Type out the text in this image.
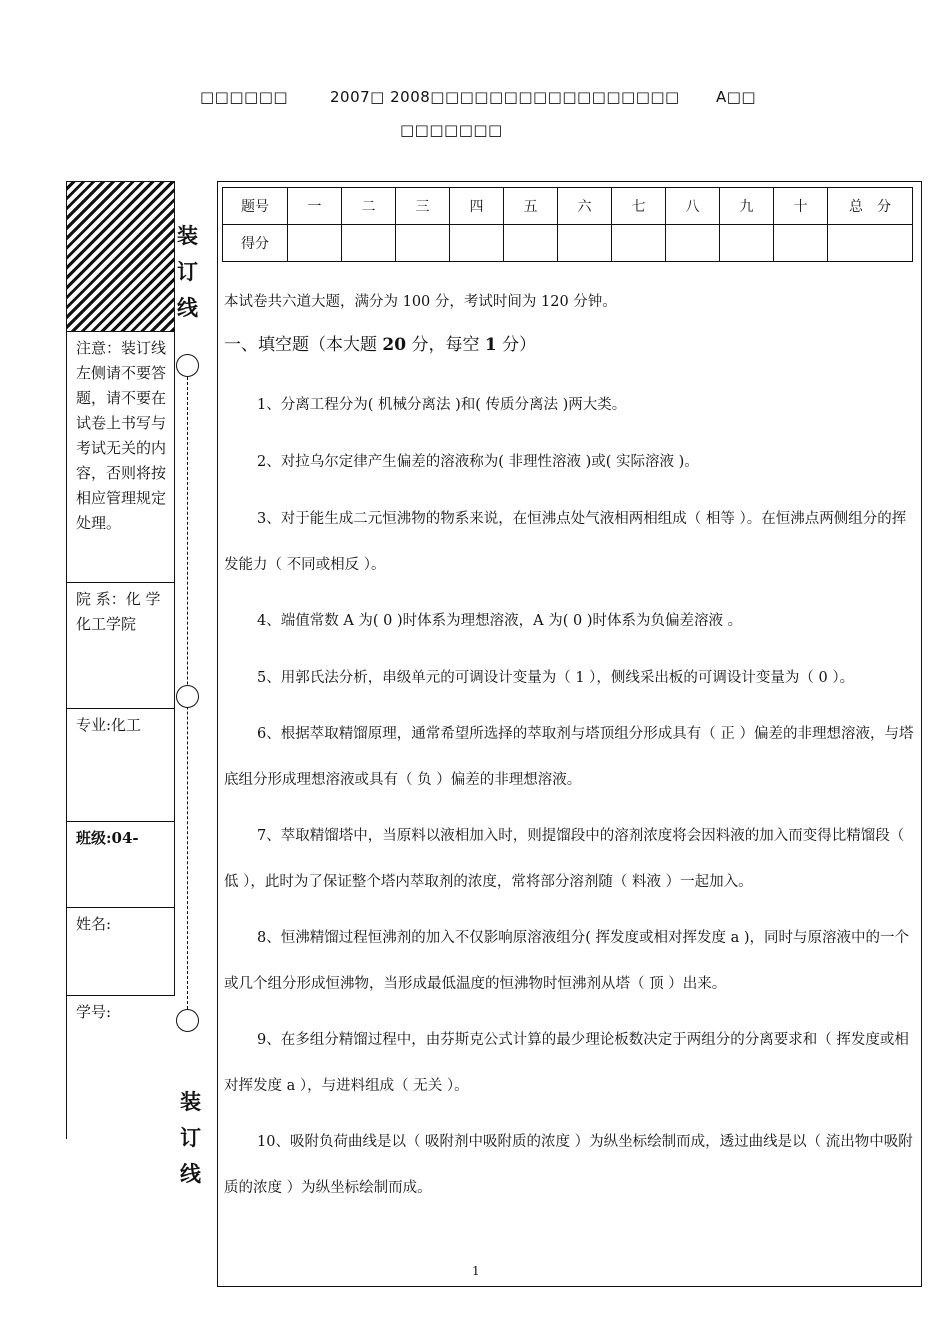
□□□□□□	2007□ 2008□□□□□□□□□□□□□□□□□ A□□
□□□□□□□
注意：装订线左侧请不要答题，请不要在试卷上书写与考试无关的内容，否则将按相应管理规定处理。
院 系：化 学化工学院
专业:化工
班级:04-
姓名:
学号:
装
订
线
装
订
线
题号	一	二	三	四	五	六	七	八	九	十	总　分
得分											
本试卷共六道大题，满分为 100 分，考试时间为 120 分钟。
一、填空题（本大题 20 分，每空 1 分）
1、分离工程分为( 机械分离法 )和( 传质分离法 )两大类。
2、对拉乌尔定律产生偏差的溶液称为( 非理性溶液 )或( 实际溶液 )。
3、对于能生成二元恒沸物的物系来说，在恒沸点处气液相两相组成（ 相等 ）。在恒沸点两侧组分的挥发能力（ 不同或相反 ）。
4、端值常数 A 为( 0 )时体系为理想溶液，A 为( 0 )时体系为负偏差溶液 。
5、用郭氏法分析，串级单元的可调设计变量为（ 1 ），侧线采出板的可调设计变量为（ 0 ）。
6、根据萃取精馏原理，通常希望所选择的萃取剂与塔顶组分形成具有（ 正 ）偏差的非理想溶液，与塔底组分形成理想溶液或具有（ 负 ）偏差的非理想溶液。
7、萃取精馏塔中，当原料以液相加入时，则提馏段中的溶剂浓度将会因料液的加入而变得比精馏段（ 低 ），此时为了保证整个塔内萃取剂的浓度，常将部分溶剂随（ 料液 ）一起加入。
8、恒沸精馏过程恒沸剂的加入不仅影响原溶液组分( 挥发度或相对挥发度 a )，同时与原溶液中的一个或几个组分形成恒沸物，当形成最低温度的恒沸物时恒沸剂从塔（ 顶 ）出来。
9、在多组分精馏过程中，由芬斯克公式计算的最少理论板数决定于两组分的分离要求和（ 挥发度或相对挥发度 a ），与进料组成（ 无关 ）。
10、吸附负荷曲线是以（ 吸附剂中吸附质的浓度 ）为纵坐标绘制而成，透过曲线是以（ 流出物中吸附质的浓度 ）为纵坐标绘制而成。
1
